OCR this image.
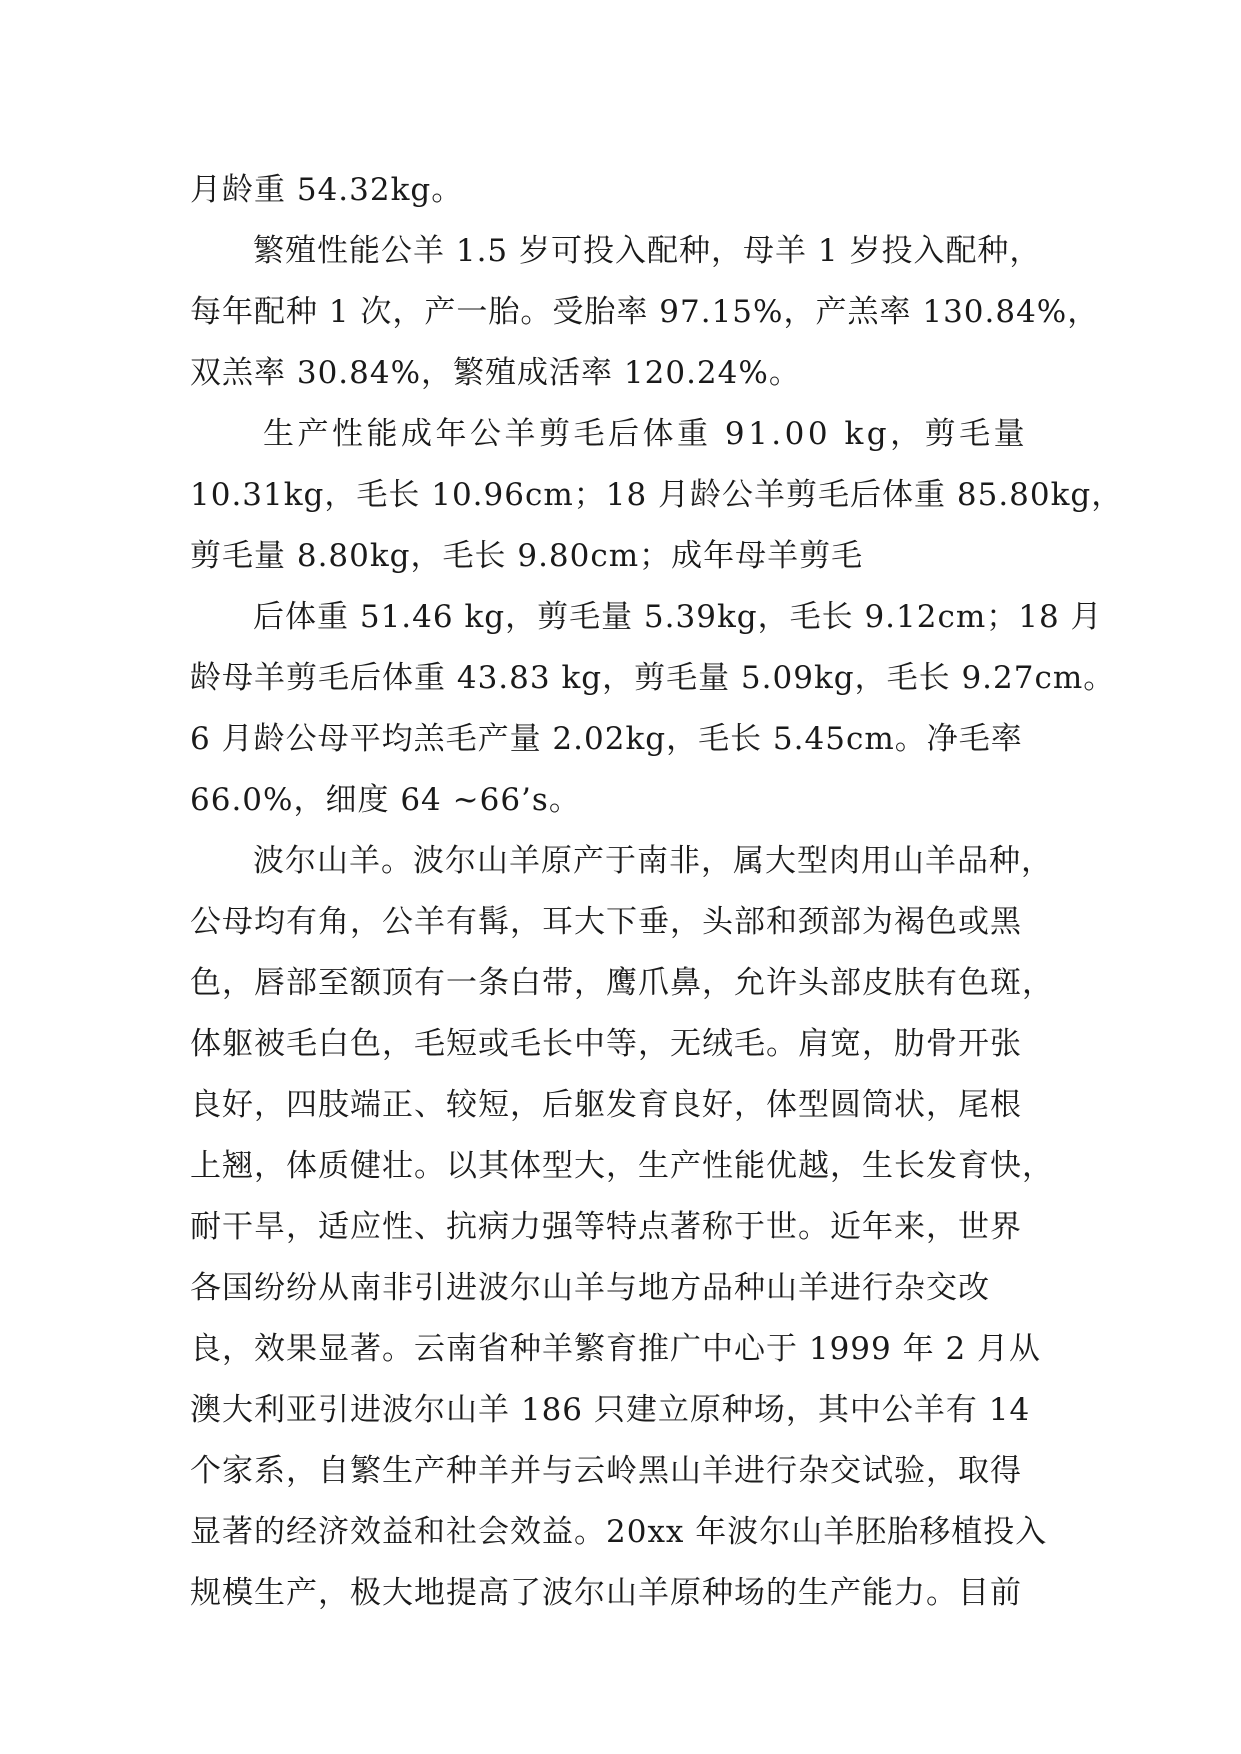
月龄重 54.32kg。
繁殖性能公羊 1.5 岁可投入配种，母羊 1 岁投入配种，
每年配种 1 次，产一胎。受胎率 97.15%，产羔率 130.84%，
双羔率 30.84%，繁殖成活率 120.24%。
生产性能成年公羊剪毛后体重 91.00 kg，剪毛量
10.31kg，毛长 10.96cm；18 月龄公羊剪毛后体重 85.80kg，
剪毛量 8.80kg，毛长 9.80cm；成年母羊剪毛
后体重 51.46 kg，剪毛量 5.39kg，毛长 9.12cm；18 月
龄母羊剪毛后体重 43.83 kg，剪毛量 5.09kg，毛长 9.27cm。
6 月龄公母平均羔毛产量 2.02kg，毛长 5.45cm。净毛率
66.0%，细度 64 ~66’s。
波尔山羊。波尔山羊原产于南非，属大型肉用山羊品种，
公母均有角，公羊有髯，耳大下垂，头部和颈部为褐色或黑
色，唇部至额顶有一条白带，鹰爪鼻，允许头部皮肤有色斑，
体躯被毛白色，毛短或毛长中等，无绒毛。肩宽，肋骨开张
良好，四肢端正、较短，后躯发育良好，体型圆筒状，尾根
上翘，体质健壮。以其体型大，生产性能优越，生长发育快，
耐干旱，适应性、抗病力强等特点著称于世。近年来，世界
各国纷纷从南非引进波尔山羊与地方品种山羊进行杂交改
良，效果显著。云南省种羊繁育推广中心于 1999 年 2 月从
澳大利亚引进波尔山羊 186 只建立原种场，其中公羊有 14
个家系，自繁生产种羊并与云岭黑山羊进行杂交试验，取得
显著的经济效益和社会效益。20xx 年波尔山羊胚胎移植投入
规模生产，极大地提高了波尔山羊原种场的生产能力。目前
